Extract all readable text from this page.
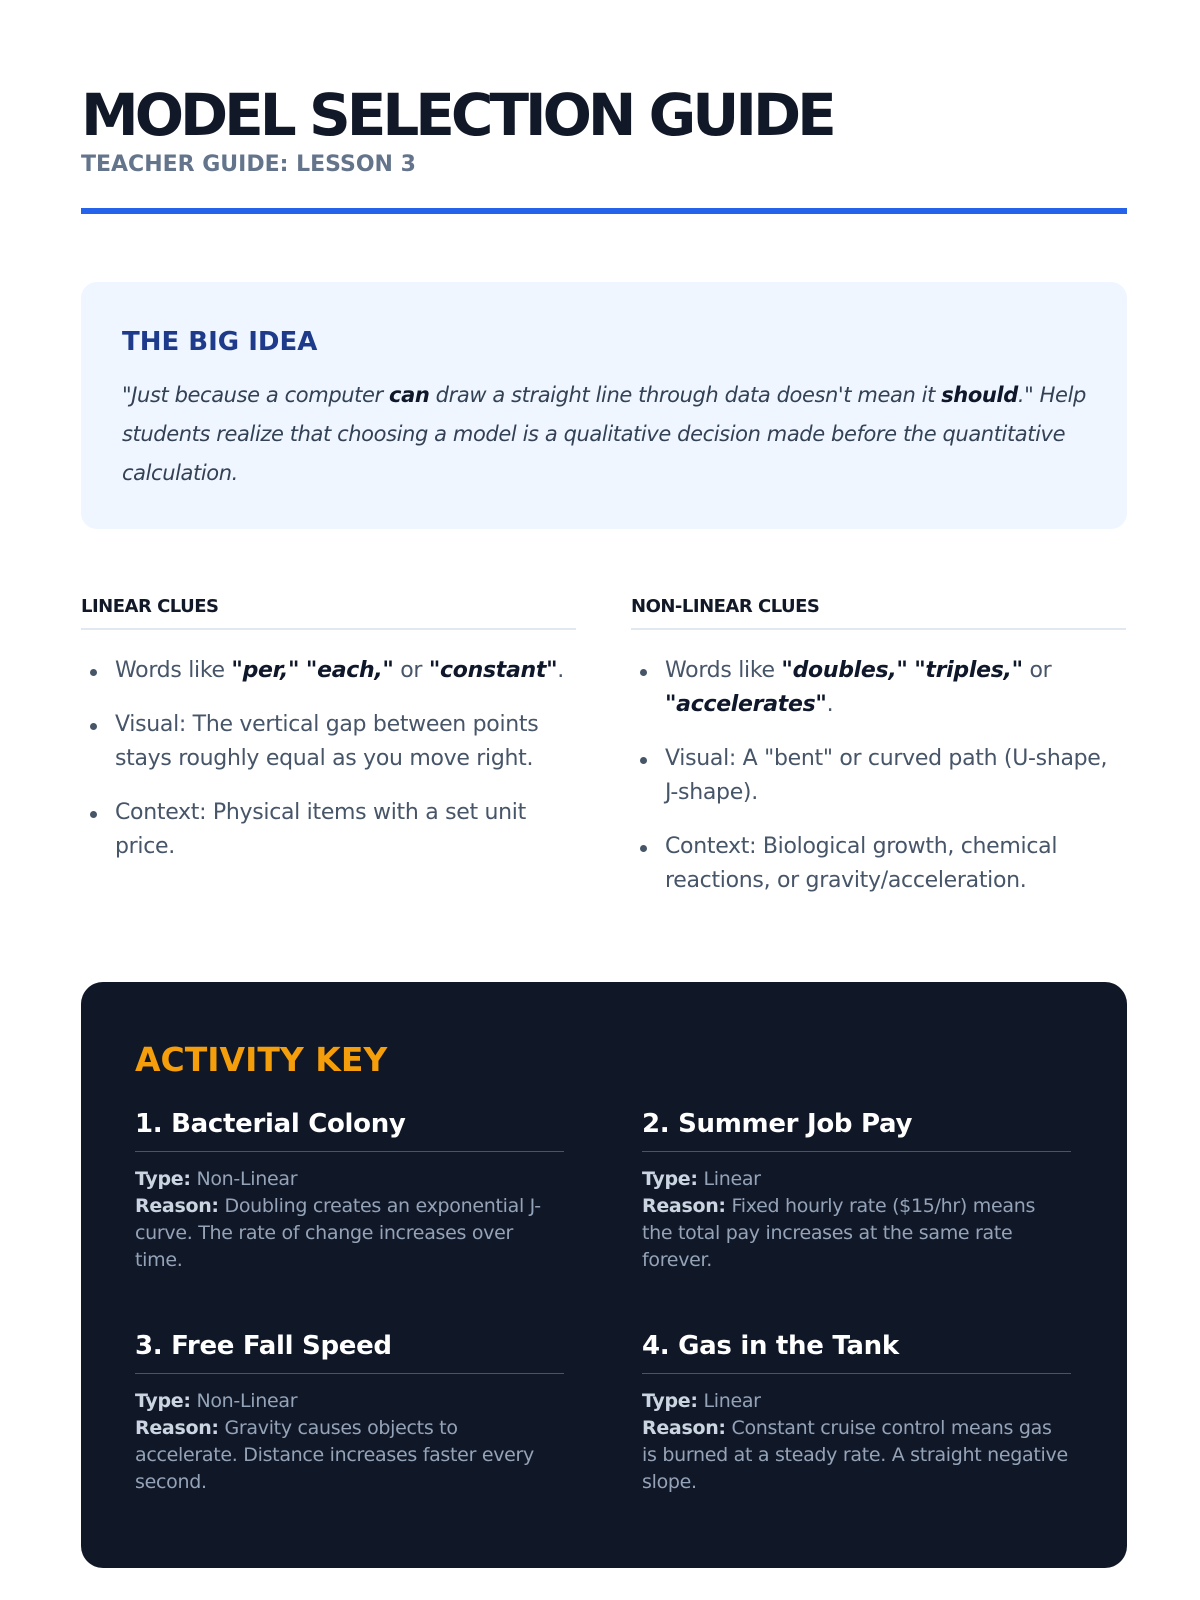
MODEL SELECTION GUIDE
TEACHER GUIDE: LESSON 3
THE BIG IDEA

"Just because a computer can draw a straight line through data doesn't mean it should." Help students realize that choosing a model is a qualitative decision made before the quantitative calculation.

LINEAR CLUES
Words like "per," "each," or "constant".
Visual: The vertical gap between points stays roughly equal as you move right.
Context: Physical items with a set unit price.
NON-LINEAR CLUES
Words like "doubles," "triples," or "accelerates".
Visual: A "bent" or curved path (U-shape, J-shape).
Context: Biological growth, chemical reactions, or gravity/acceleration.
ACTIVITY KEY
1. Bacterial Colony
Type: Non-Linear
Reason: Doubling creates an exponential J-curve. The rate of change increases over time.
2. Summer Job Pay
Type: Linear
Reason: Fixed hourly rate ($15/hr) means the total pay increases at the same rate forever.
3. Free Fall Speed
Type: Non-Linear
Reason: Gravity causes objects to accelerate. Distance increases faster every second.
4. Gas in the Tank
Type: Linear
Reason: Constant cruise control means gas is burned at a steady rate. A straight negative slope.
